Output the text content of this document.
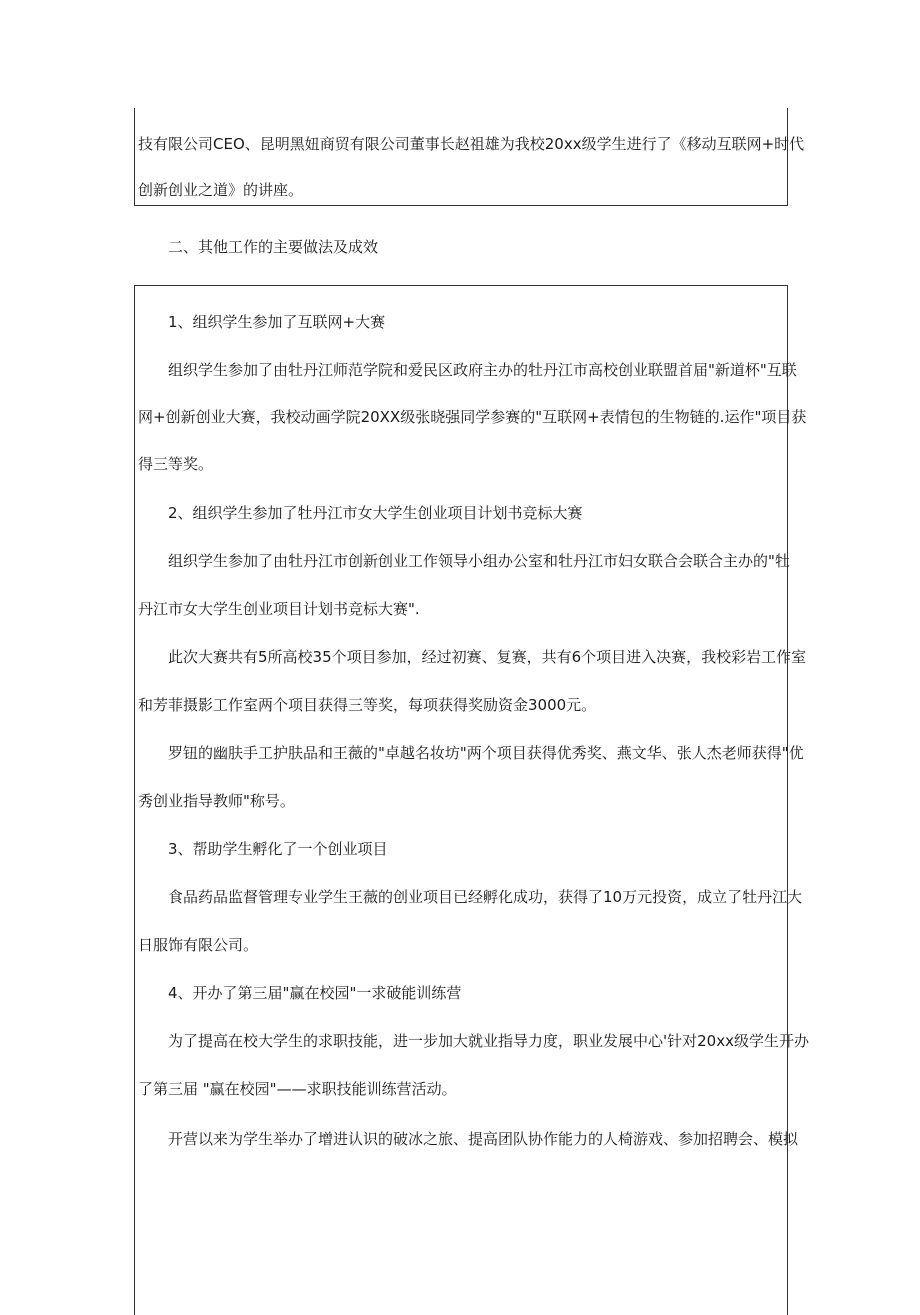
技有限公司CEO、昆明黑妞商贸有限公司董事长赵祖雄为我校20xx级学生进行了《移动互联网+时代
创新创业之道》的讲座。
二、其他工作的主要做法及成效
1、组织学生参加了互联网+大赛
组织学生参加了由牡丹江师范学院和爱民区政府主办的牡丹江市高校创业联盟首届"新道杯"互联
网+创新创业大赛，我校动画学院20XX级张晓强同学参赛的"互联网+表情包的生物链的.运作"项目获
得三等奖。
2、组织学生参加了牡丹江市女大学生创业项目计划书竞标大赛
组织学生参加了由牡丹江市创新创业工作领导小组办公室和牡丹江市妇女联合会联合主办的"牡
丹江市女大学生创业项目计划书竞标大赛".
此次大赛共有5所高校35个项目参加，经过初赛、复赛，共有6个项目进入决赛，我校彩岩工作室
和芳菲摄影工作室两个项目获得三等奖，每项获得奖励资金3000元。
罗钮的幽肤手工护肤品和王薇的"卓越名妆坊"两个项目获得优秀奖、燕文华、张人杰老师获得"优
秀创业指导教师"称号。
3、帮助学生孵化了一个创业项目
食品药品监督管理专业学生王薇的创业项目已经孵化成功，获得了10万元投资，成立了牡丹江大
日服饰有限公司。
4、开办了第三届"赢在校园"一求破能训练营
为了提高在校大学生的求职技能，进一步加大就业指导力度，职业发展中心'针对20xx级学生开办
了第三届 "赢在校园"——求职技能训练营活动。
开营以来为学生举办了增进认识的破冰之旅、提高团队协作能力的人椅游戏、参加招聘会、模拟
